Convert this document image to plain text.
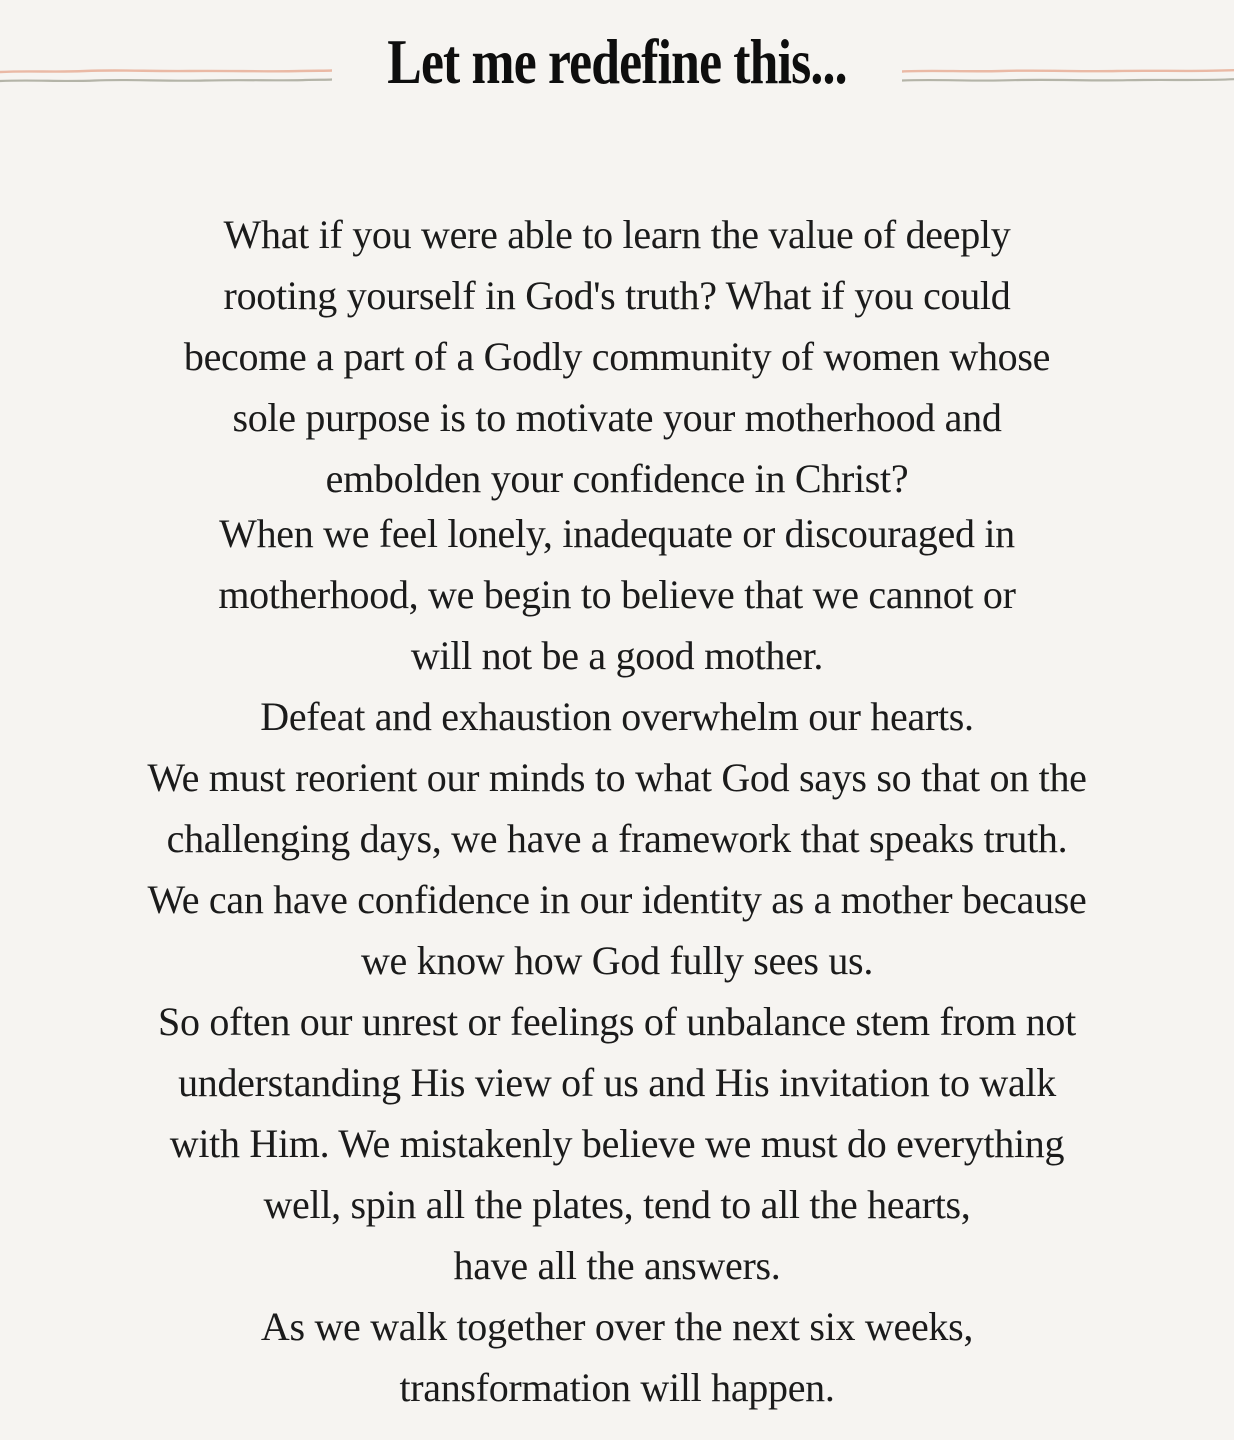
Let me redefine this...
What if you were able to learn the value of deeply
rooting yourself in God's truth? What if you could
become a part of a Godly community of women whose
sole purpose is to motivate your motherhood and
embolden your confidence in Christ?
When we feel lonely, inadequate or discouraged in
motherhood, we begin to believe that we cannot or
will not be a good mother.
Defeat and exhaustion overwhelm our hearts.
We must reorient our minds to what God says so that on the
challenging days, we have a framework that speaks truth.
We can have confidence in our identity as a mother because
we know how God fully sees us.
So often our unrest or feelings of unbalance stem from not
understanding His view of us and His invitation to walk
with Him. We mistakenly believe we must do everything
well, spin all the plates, tend to all the hearts,
have all the answers.
As we walk together over the next six weeks,
transformation will happen.
